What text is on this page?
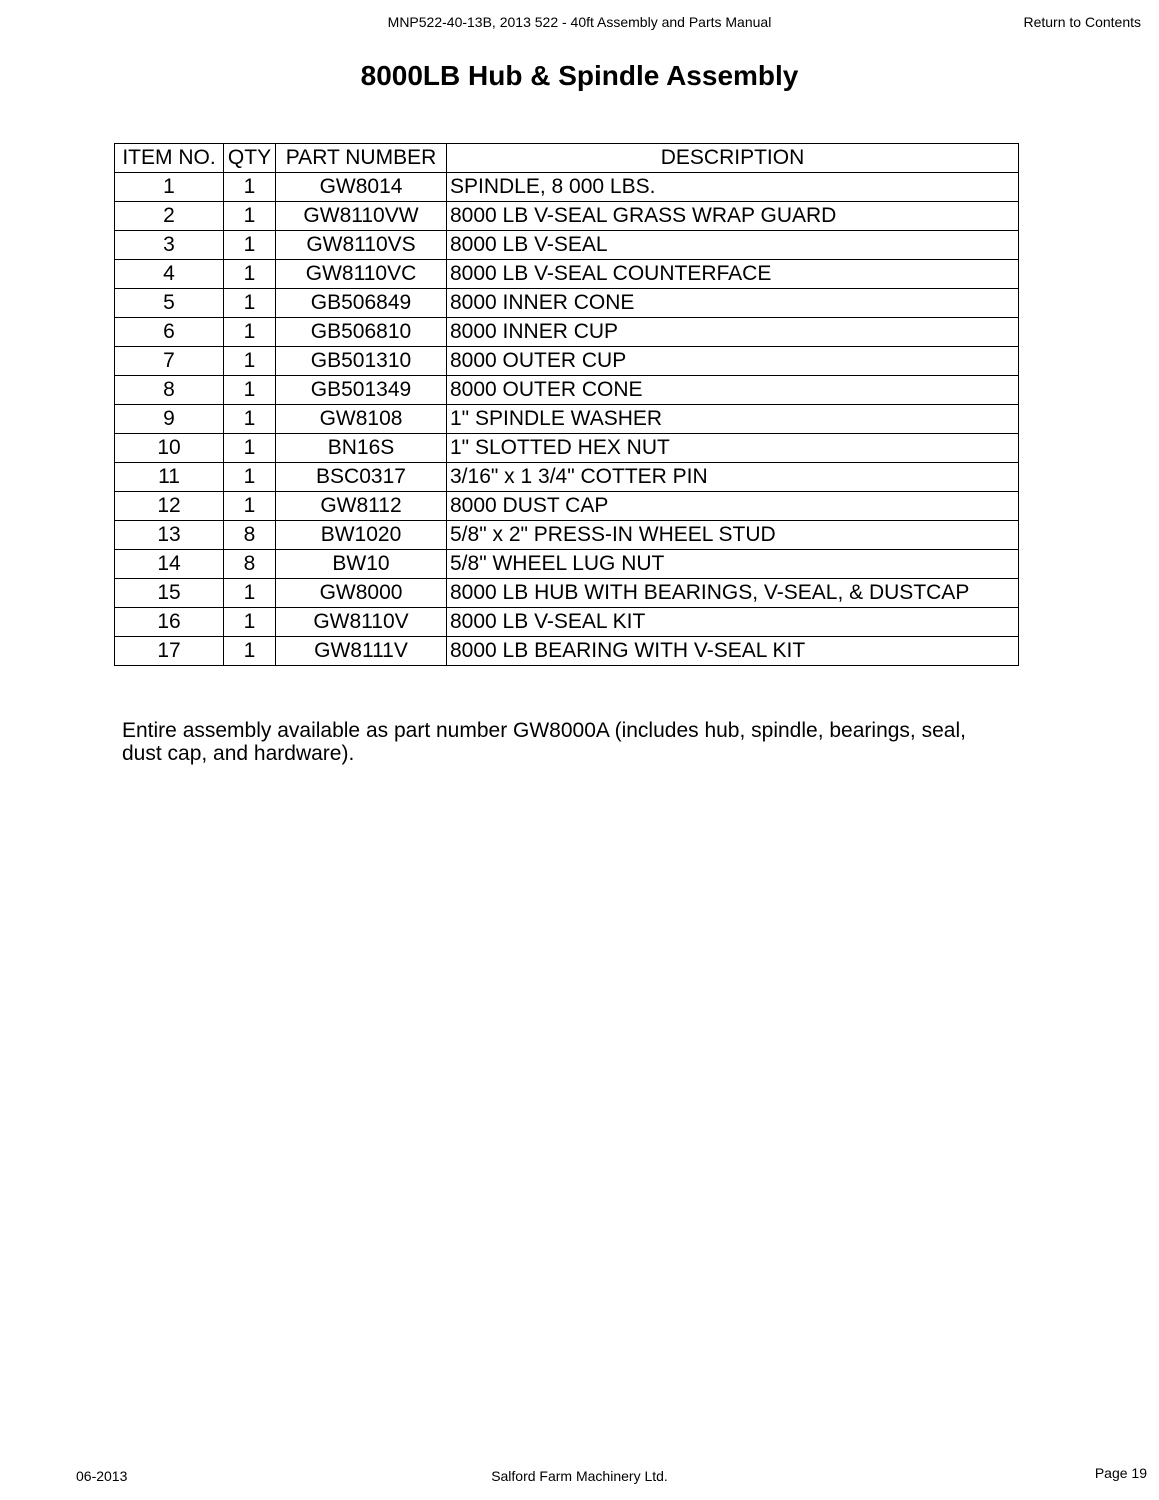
MNP522-40-13B, 2013 522 - 40ft Assembly and Parts Manual	Return to Contents
8000LB Hub & Spindle Assembly
ITEM NO.	QTY	PART NUMBER	DESCRIPTION
1	1	GW8014	SPINDLE, 8 000 LBS.
2	1	GW8110VW	8000 LB V-SEAL GRASS WRAP GUARD
3	1	GW8110VS	8000 LB V-SEAL
4	1	GW8110VC	8000 LB V-SEAL COUNTERFACE
5	1	GB506849	8000 INNER CONE
6	1	GB506810	8000 INNER CUP
7	1	GB501310	8000 OUTER CUP
8	1	GB501349	8000 OUTER CONE
9	1	GW8108	1" SPINDLE WASHER
10	1	BN16S	1" SLOTTED HEX NUT
11	1	BSC0317	3/16" x 1 3/4" COTTER PIN
12	1	GW8112	8000 DUST CAP
13	8	BW1020	5/8" x 2" PRESS-IN WHEEL STUD
14	8	BW10	5/8" WHEEL LUG NUT
15	1	GW8000	8000 LB HUB WITH BEARINGS, V-SEAL, & DUSTCAP
16	1	GW8110V	8000 LB V-SEAL KIT
17	1	GW8111V	8000 LB BEARING WITH V-SEAL KIT
Entire assembly available as part number GW8000A (includes hub, spindle, bearings, seal, dust cap, and hardware).
06-2013	Salford Farm Machinery Ltd.	Page 19
